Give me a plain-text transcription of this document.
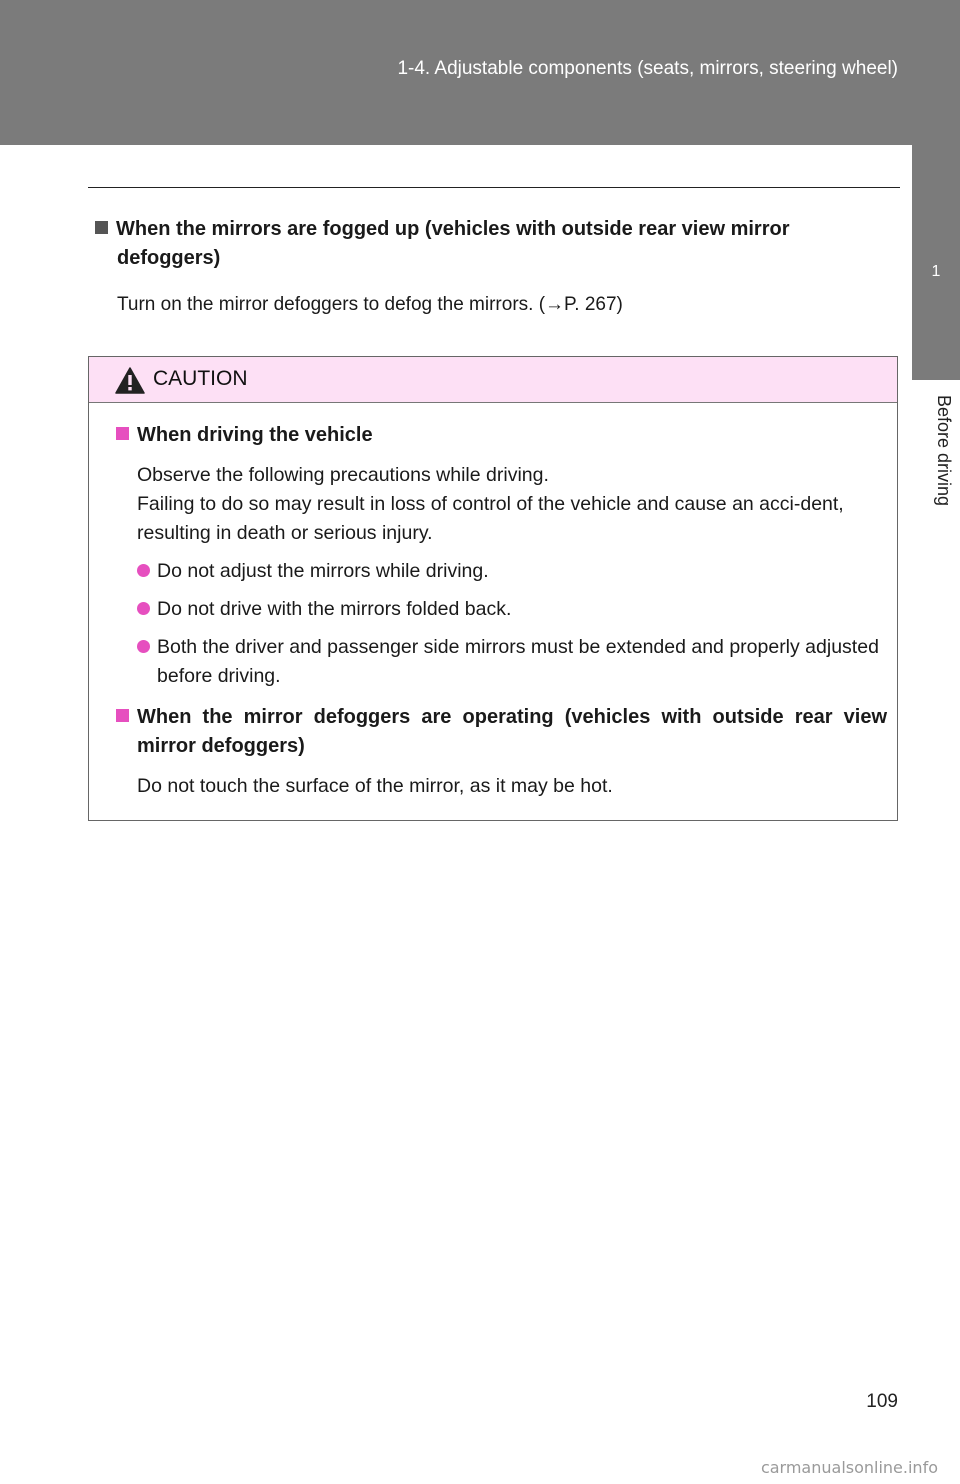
1-4. Adjustable components (seats, mirrors, steering wheel)
1
Before driving
When the mirrors are fogged up (vehicles with outside rear view mirror defoggers)
Turn on the mirror defoggers to defog the mirrors. (→P. 267)
CAUTION
When driving the vehicle
Observe the following precautions while driving.
Failing to do so may result in loss of control of the vehicle and cause an acci-dent, resulting in death or serious injury.
Do not adjust the mirrors while driving.
Do not drive with the mirrors folded back.
Both the driver and passenger side mirrors must be extended and properly adjusted before driving.
When the mirror defoggers are operating (vehicles with outside rear view mirror defoggers)
Do not touch the surface of the mirror, as it may be hot.
109
carmanualsonline.info
